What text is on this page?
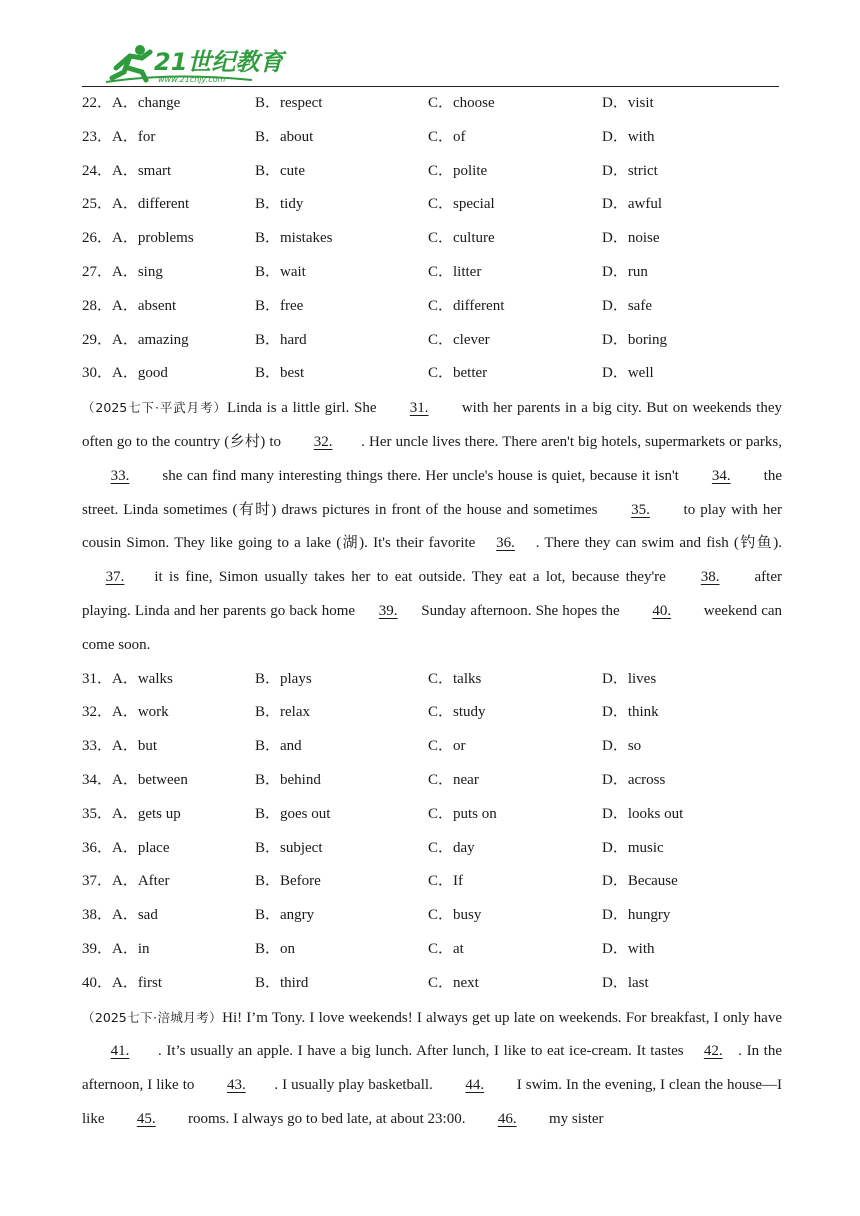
21世纪教育
www.21cnjy.com
22．A．change	B．respect	C．choose	D．visit
23．A．for	B．about	C．of	D．with
24．A．smart	B．cute	C．polite	D．strict
25．A．different	B．tidy	C．special	D．awful
26．A．problems	B．mistakes	C．culture	D．noise
27．A．sing	B．wait	C．litter	D．run
28．A．absent	B．free	C．different	D．safe
29．A．amazing	B．hard	C．clever	D．boring
30．A．good	B．best	C．better	D．well
（2025七下·平武月考）Linda is a little girl. She 31. with her parents in a big city. But on weekends they often go to the country (乡村) to 32. . Her uncle lives there. There aren't big hotels, supermarkets or parks, 33. she can find many interesting things there. Her uncle's house is quiet, because it isn't 34. the street. Linda sometimes (有时) draws pictures in front of the house and sometimes 35. to play with her cousin Simon. They like going to a lake (湖). It's their favorite 36. . There they can swim and fish (钓鱼). 37. it is fine, Simon usually takes her to eat outside. They eat a lot, because they're 38. after playing. Linda and her parents go back home 39. Sunday afternoon. She hopes the 40. weekend can come soon.
31．A．walks	B．plays	C．talks	D．lives
32．A．work	B．relax	C．study	D．think
33．A．but	B．and	C．or	D．so
34．A．between	B．behind	C．near	D．across
35．A．gets up	B．goes out	C．puts on	D．looks out
36．A．place	B．subject	C．day	D．music
37．A．After	B．Before	C．If	D．Because
38．A．sad	B．angry	C．busy	D．hungry
39．A．in	B．on	C．at	D．with
40．A．first	B．third	C．next	D．last
（2025七下·涪城月考）Hi! I’m Tony. I love weekends! I always get up late on weekends. For breakfast, I only have 41. . It’s usually an apple. I have a big lunch. After lunch, I like to eat ice-cream. It tastes 42. . In the afternoon, I like to 43. . I usually play basketball. 44. I swim. In the evening, I clean the house—I like 45. rooms. I always go to bed late, at about 23:00. 46. my sister
